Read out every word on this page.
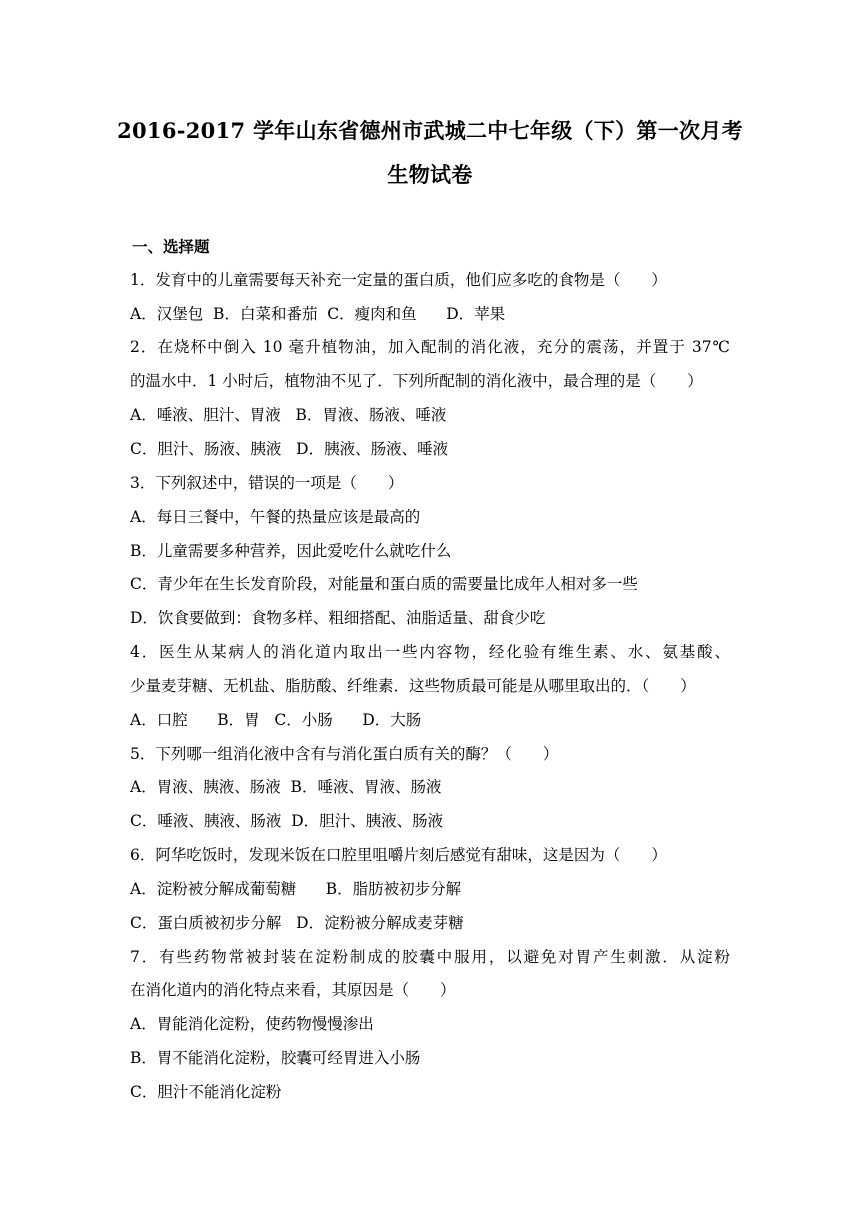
2016-2017 学年山东省德州市武城二中七年级（下）第一次月考
生物试卷
一、选择题
1．发育中的儿童需要每天补充一定量的蛋白质，他们应多吃的食物是（　　）
A．汉堡包  B．白菜和番茄  C．瘦肉和鱼      D．苹果
2．在烧杯中倒入 10 毫升植物油，加入配制的消化液，充分的震荡，并置于 37℃
的温水中．1 小时后，植物油不见了．下列所配制的消化液中，最合理的是（　　）
A．唾液、胆汁、胃液   B．胃液、肠液、唾液
C．胆汁、肠液、胰液   D．胰液、肠液、唾液
3．下列叙述中，错误的一项是（　　）
A．每日三餐中，午餐的热量应该是最高的
B．儿童需要多种营养，因此爱吃什么就吃什么
C．青少年在生长发育阶段，对能量和蛋白质的需要量比成年人相对多一些
D．饮食要做到：食物多样、粗细搭配、油脂适量、甜食少吃
4．医生从某病人的消化道内取出一些内容物，经化验有维生素、水、氨基酸、
少量麦芽糖、无机盐、脂肪酸、纤维素．这些物质最可能是从哪里取出的．（　　）
A．口腔      B．胃   C．小肠      D．大肠
5．下列哪一组消化液中含有与消化蛋白质有关的酶？（　　）
A．胃液、胰液、肠液  B．唾液、胃液、肠液
C．唾液、胰液、肠液  D．胆汁、胰液、肠液
6．阿华吃饭时，发现米饭在口腔里咀嚼片刻后感觉有甜味，这是因为（　　）
A．淀粉被分解成葡萄糖      B．脂肪被初步分解
C．蛋白质被初步分解   D．淀粉被分解成麦芽糖
7．有些药物常被封装在淀粉制成的胶囊中服用，以避免对胃产生刺激．从淀粉
在消化道内的消化特点来看，其原因是（　　）
A．胃能消化淀粉，使药物慢慢渗出
B．胃不能消化淀粉，胶囊可经胃进入小肠
C．胆汁不能消化淀粉
